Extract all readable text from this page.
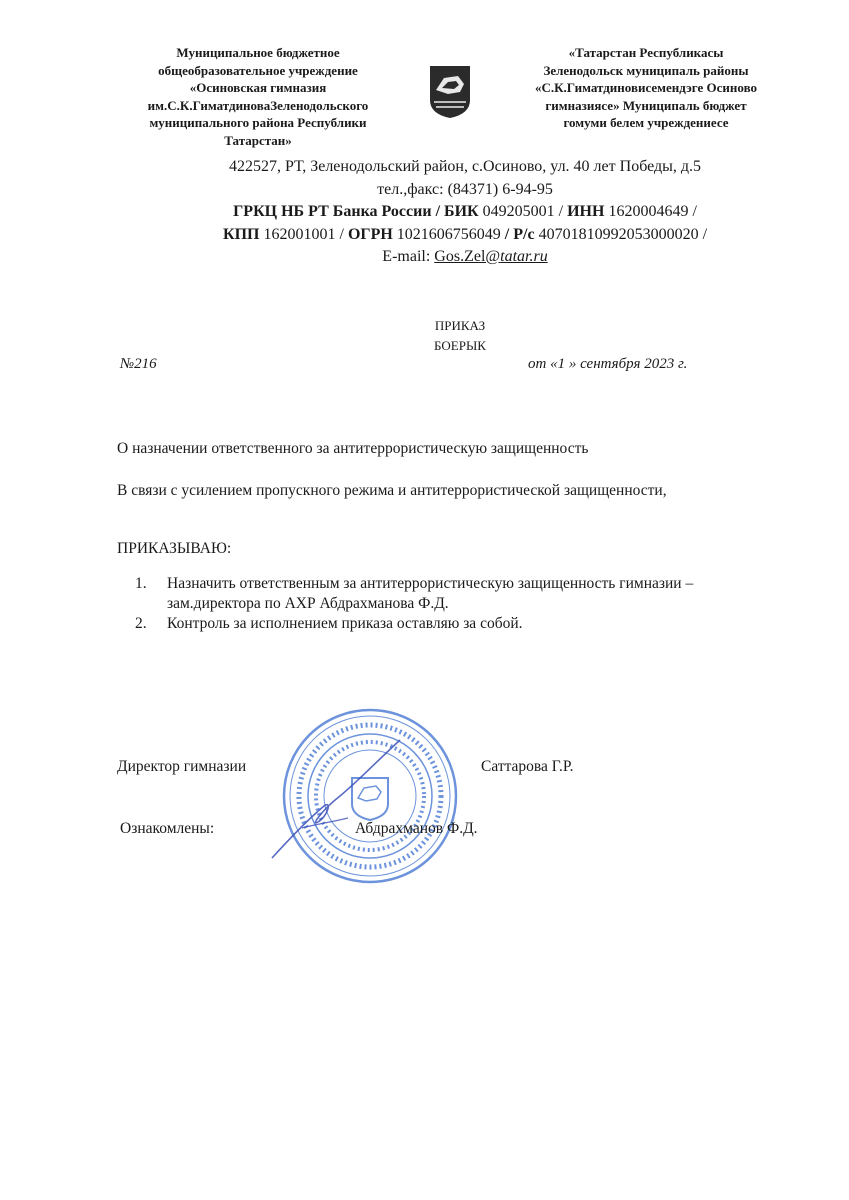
Муниципальное бюджетное
общеобразовательное учреждение
«Осиновская гимназия
им.С.К.ГиматдиноваЗеленодольского
муниципального района Республики
Татарстан»
«Татарстан Республикасы
Зеленодольск муниципаль районы
«С.К.Гиматдиновисемендэге Осиново
гимназиясе» Муниципаль бюджет
гомуми белем учреждениесе
422527, РТ, Зеленодольский район, с.Осиново, ул. 40 лет Победы, д.5
тел.,факс: (84371) 6-94-95
ГРКЦ НБ РТ Банка России / БИК 049205001 / ИНН 1620004649 /
КПП 162001001 / ОГРН 1021606756049 / Р/с 40701810992053000020 /
E-mail: Gos.Zel@tatar.ru
ПРИКАЗ
БОЕРЫК
№216	от «1 » сентября 2023 г.
О назначении ответственного за антитеррористическую защищенность
В связи с усилением пропускного режима и антитеррористической защищенности,
ПРИКАЗЫВАЮ:
1. Назначить ответственным за антитеррористическую защищенность гимназии –
зам.директора по АХР Абдрахманова Ф.Д.
2. Контроль за исполнением приказа оставляю за собой.
Директор гимназии	Саттарова Г.Р.
Ознакомлены:	Абдрахманов Ф.Д.
